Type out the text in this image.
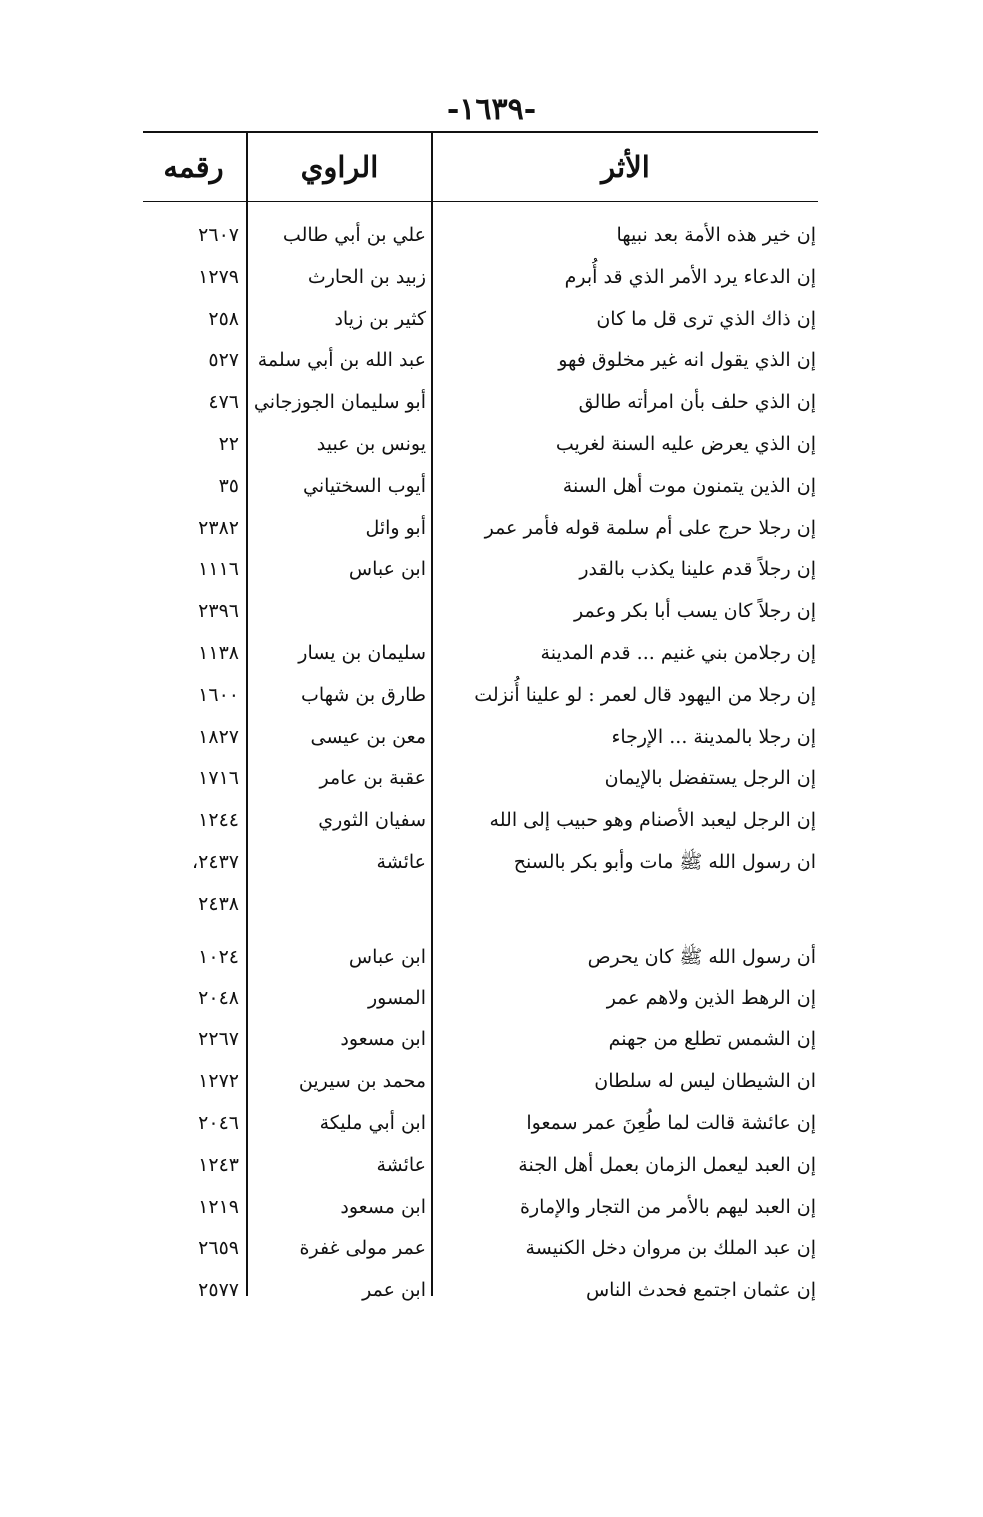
-١٦٣٩-
الأثر
الراوي
رقمه
إن خير هذه الأمة بعد نبيها
علي بن أبي طالب
٢٦٠٧
إن الدعاء يرد الأمر الذي قد أُبرم
زبيد بن الحارث
١٢٧٩
إن ذاك الذي ترى قل ما كان
كثير بن زياد
٢٥٨
إن الذي يقول انه غير مخلوق فهو
عبد الله بن أبي سلمة
٥٢٧
إن الذي حلف بأن امرأته طالق
أبو سليمان الجوزجاني
٤٧٦
إن الذي يعرض عليه السنة لغريب
يونس بن عبيد
٢٢
إن الذين يتمنون موت أهل السنة
أيوب السختياني
٣٥
إن رجلا حرج على أم سلمة قوله فأمر عمر
أبو وائل
٢٣٨٢
إن رجلاً قدم علينا يكذب بالقدر
ابن عباس
١١١٦
إن رجلاً كان يسب أبا بكر وعمر
٢٣٩٦
إن رجلامن بني غنيم ... قدم المدينة
سليمان بن يسار
١١٣٨
إن رجلا من اليهود قال لعمر : لو علينا أُنزلت
طارق بن شهاب
١٦٠٠
إن رجلا بالمدينة ... الإرجاء
معن بن عيسى
١٨٢٧
إن الرجل يستفضل بالإيمان
عقبة بن عامر
١٧١٦
إن الرجل ليعبد الأصنام وهو حبيب إلى الله
سفيان الثوري
١٢٤٤
ان رسول الله ﷺ مات وأبو بكر بالسنح
عائشة
٢٤٣٧،
٢٤٣٨
أن رسول الله ﷺ كان يحرص
ابن عباس
١٠٢٤
إن الرهط الذين ولاهم عمر
المسور
٢٠٤٨
إن الشمس تطلع من جهنم
ابن مسعود
٢٢٦٧
ان الشيطان ليس له سلطان
محمد بن سيرين
١٢٧٢
إن عائشة قالت لما طُعِنَ عمر سمعوا
ابن أبي مليكة
٢٠٤٦
إن العبد ليعمل الزمان بعمل أهل الجنة
عائشة
١٢٤٣
إن العبد ليهم بالأمر من التجار والإمارة
ابن مسعود
١٢١٩
إن عبد الملك بن مروان دخل الكنيسة
عمر مولى غفرة
٢٦٥٩
إن عثمان اجتمع فحدث الناس
ابن عمر
٢٥٧٧
